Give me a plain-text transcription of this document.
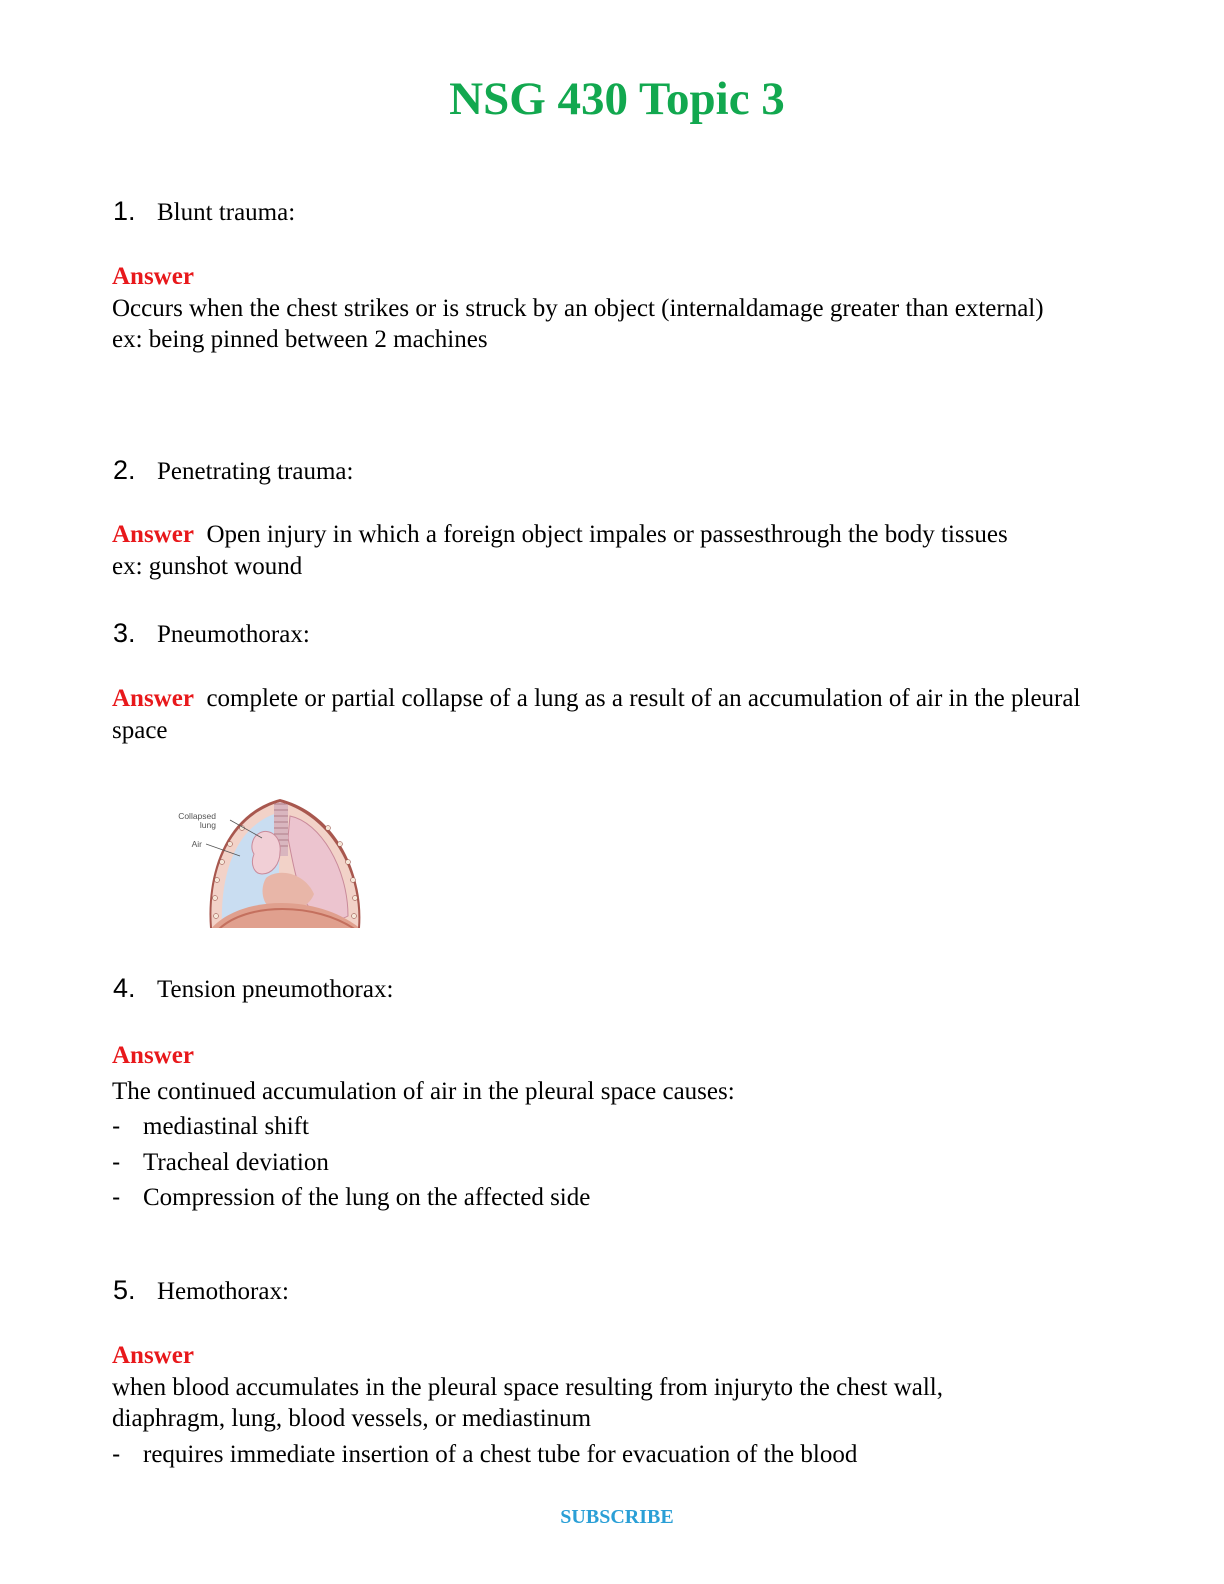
NSG 430 Topic 3
1. Blunt trauma:
Answer
Occurs when the chest strikes or is struck by an object (internaldamage greater than external)
ex: being pinned between 2 machines
2. Penetrating trauma:
Answer Open injury in which a foreign object impales or passesthrough the body tissues
ex: gunshot wound
3. Pneumothorax:
Answer complete or partial collapse of a lung as a result of an accumulation of air in the pleural space
Collapsed lung
Air
4. Tension pneumothorax:
Answer
The continued accumulation of air in the pleural space causes:
- mediastinal shift
- Tracheal deviation
- Compression of the lung on the affected side
5. Hemothorax:
Answer
when blood accumulates in the pleural space resulting from injuryto the chest wall, diaphragm, lung, blood vessels, or mediastinum
- requires immediate insertion of a chest tube for evacuation of the blood
SUBSCRIBE
